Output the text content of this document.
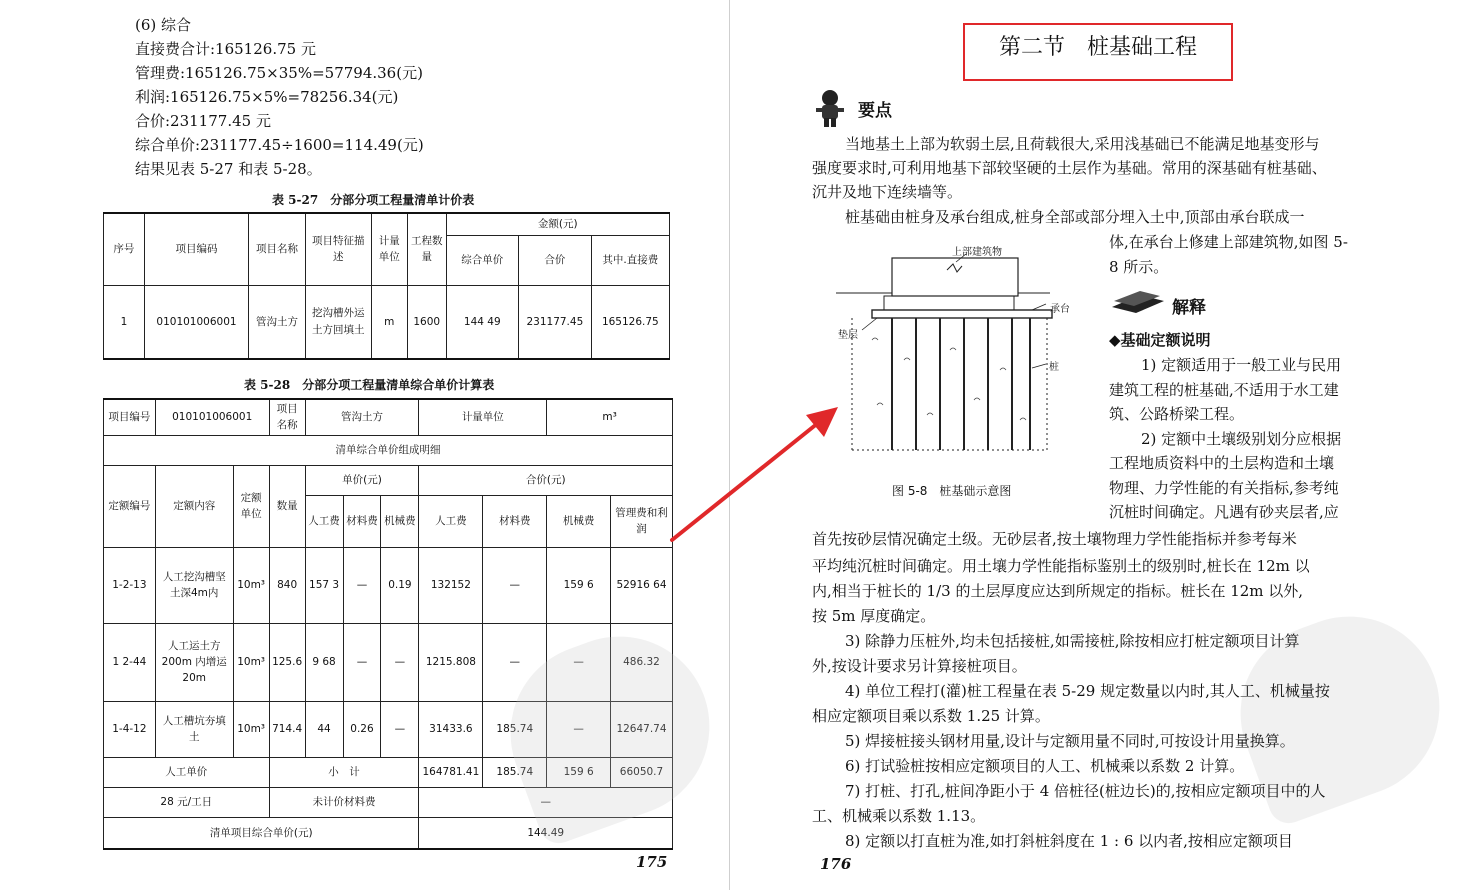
(6) 综合
直接费合计:165126.75 元
管理费:165126.75×35%=57794.36(元)
利润:165126.75×5%=78256.34(元)
合价:231177.45 元
综合单价:231177.45÷1600=114.49(元)
结果见表 5-27 和表 5-28。
表 5-27　分部分项工程量清单计价表
序号	项目编码	项目名称	项目特征描述	计量单位	工程数量	金额(元)		
						综合单价	合价	其中.直接费
1	010101006001	管沟土方	挖沟槽外运土方回填土	m	1600	144 49	231177.45	165126.75
表 5-28　分部分项工程量清单综合单价计算表
项目编号	010101006001		项目名称	管沟土方			计量单位		m³	
清单综合单价组成明细										
定额编号	定额内容	定额单位	数量	单价(元)			合价(元)			
				人工费	材料费	机械费	人工费	材料费	机械费	管理费和利润
1-2-13	人工挖沟槽坚土深4m内	10m³	840	157 3	—	0.19	132152	—	159 6	52916 64
1 2-44	人工运土方 200m 内增运20m	10m³	125.6	9 68	—	—	1215.808	—	—	486.32
1-4-12	人工槽坑夯填土	10m³	714.4	44	0.26	—	31433.6	185.74	—	12647.74
人工单价			小　计				164781.41	185.74	159 6	66050.7
28 元/工日			未计价材料费				—			
清单项目综合单价(元)							144.49			
175
第二节　桩基础工程
要点
当地基土上部为软弱土层,且荷载很大,采用浅基础已不能满足地基变形与
强度要求时,可利用地基下部较坚硬的土层作为基础。常用的深基础有桩基础、
沉井及地下连续墙等。
桩基础由桩身及承台组成,桩身全部或部分埋入土中,顶部由承台联成一
体,在承台上修建上部建筑物,如图 5-
8 所示。
上部建筑物
承台
垫层
桩
图 5-8　桩基础示意图
解释
◆基础定额说明
1) 定额适用于一般工业与民用
建筑工程的桩基础,不适用于水工建
筑、公路桥梁工程。
2) 定额中土壤级别划分应根据
工程地质资料中的土层构造和土壤
物理、力学性能的有关指标,参考纯
沉桩时间确定。凡遇有砂夹层者,应
首先按砂层情况确定土级。无砂层者,按土壤物理力学性能指标并参考每米
平均纯沉桩时间确定。用土壤力学性能指标鉴别土的级别时,桩长在 12m 以
内,相当于桩长的 1/3 的土层厚度应达到所规定的指标。桩长在 12m 以外,
按 5m 厚度确定。
3) 除静力压桩外,均未包括接桩,如需接桩,除按相应打桩定额项目计算
外,按设计要求另计算接桩项目。
4) 单位工程打(灌)桩工程量在表 5-29 规定数量以内时,其人工、机械量按
相应定额项目乘以系数 1.25 计算。
5) 焊接桩接头钢材用量,设计与定额用量不同时,可按设计用量换算。
6) 打试验桩按相应定额项目的人工、机械乘以系数 2 计算。
7) 打桩、打孔,桩间净距小于 4 倍桩径(桩边长)的,按相应定额项目中的人
工、机械乘以系数 1.13。
8) 定额以打直桩为准,如打斜桩斜度在 1 : 6 以内者,按相应定额项目
176
